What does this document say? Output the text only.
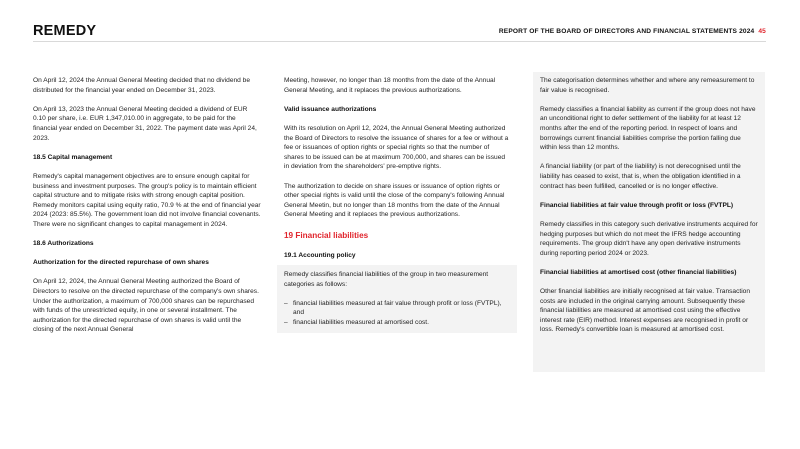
REMEDY	REPORT OF THE BOARD OF DIRECTORS AND FINANCIAL STATEMENTS 2024 45

On April 12, 2024 the Annual General Meeting decided that no dividend be distributed for the financial year ended on December 31, 2023.

On April 13, 2023 the Annual General Meeting decided a dividend of EUR 0.10 per share, i.e. EUR 1,347,010.00 in aggregate, to be paid for the financial year ended on December 31, 2022. The payment date was April 24, 2023.

18.5 Capital management

Remedy's capital management objectives are to ensure enough capital for business and investment purposes. The group's policy is to maintain efficient capital structure and to mitigate risks with strong enough capital position. Remedy monitors capital using equity ratio, 70.9 % at the end of financial year 2024 (2023: 85.5%). The government loan did not involve financial covenants. There were no significant changes to capital management in 2024.

18.6 Authorizations
Authorization for the directed repurchase of own shares

On April 12, 2024, the Annual General Meeting authorized the Board of Directors to resolve on the directed repurchase of the company's own shares. Under the authorization, a maximum of 700,000 shares can be repurchased with funds of the unrestricted equity, in one or several installment. The authorization for the directed repurchase of own shares is valid until the closing of the next Annual General

Meeting, however, no longer than 18 months from the date of the Annual General Meeting, and it replaces the previous authorizations.

Valid issuance authorizations

With its resolution on April 12, 2024, the Annual General Meeting authorized the Board of Directors to resolve the issuance of shares for a fee or without a fee or issuances of option rights or special rights so that the number of shares to be issued can be at maximum 700,000, and shares can be issued in deviation from the shareholders' pre-emptive rights.

The authorization to decide on share issues or issuance of option rights or other special rights is valid until the close of the company's following Annual General Meetin, but no longer than 18 months from the date of the Annual General Meeting and it replaces the previous authorizations.

19 Financial liabilities
19.1 Accounting policy

Remedy classifies financial liabilities of the group in two measurement categories as follows:

– financial liabilities measured at fair value through profit or loss (FVTPL), and
– financial liabilities measured at amortised cost.

The categorisation determines whether and where any remeasurement to fair value is recognised.

Remedy classifies a financial liability as current if the group does not have an unconditional right to defer settlement of the liability for at least 12 months after the end of the reporting period. In respect of loans and borrowings current financial liabilities comprise the portion falling due within less than 12 months.

A financial liability (or part of the liability) is not derecognised until the liability has ceased to exist, that is, when the obligation identified in a contract has been fulfilled, cancelled or is no longer effective.

Financial liabilities at fair value through profit or loss (FVTPL)

Remedy classifies in this category such derivative instruments acquired for hedging purposes but which do not meet the IFRS hedge accounting requirements. The group didn't have any open derivative instruments during reporting period 2024 or 2023.

Financial liabilities at amortised cost (other financial liabilities)

Other financial liabilities are initially recognised at fair value. Transaction costs are included in the original carrying amount. Subsequently these financial liabilities are measured at amortised cost using the effective interest rate (EIR) method. Interest expenses are recognised in profit or loss. Remedy's convertible loan is measured at amortised cost.
